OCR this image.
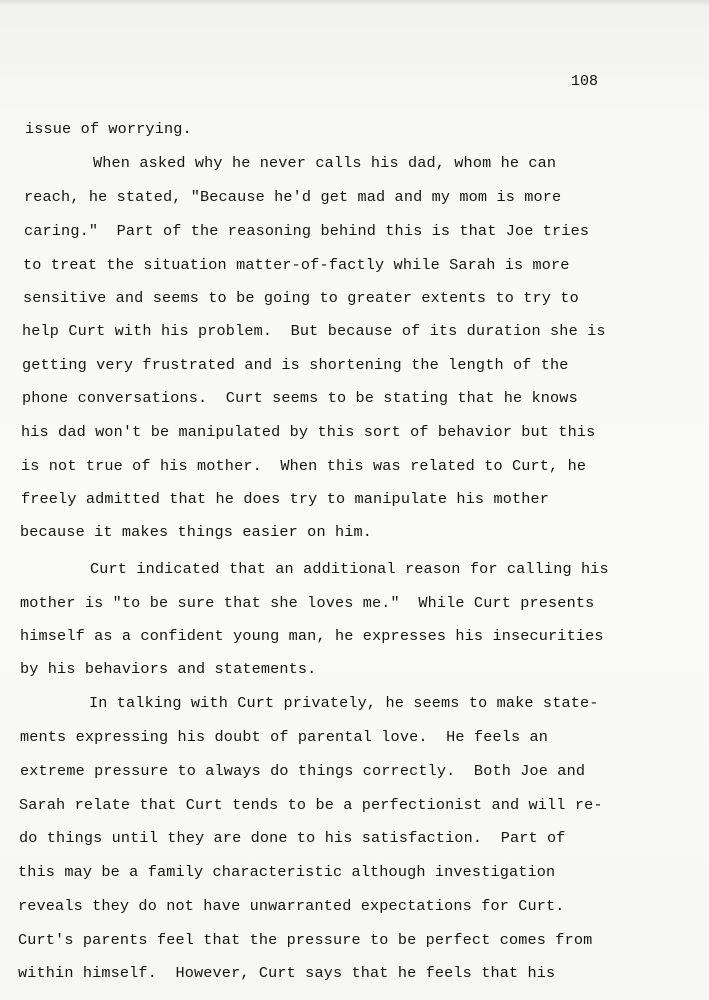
108
issue of worrying.
When asked why he never calls his dad, whom he can
reach, he stated, "Because he'd get mad and my mom is more
caring."  Part of the reasoning behind this is that Joe tries
to treat the situation matter-of-factly while Sarah is more
sensitive and seems to be going to greater extents to try to
help Curt with his problem.  But because of its duration she is
getting very frustrated and is shortening the length of the
phone conversations.  Curt seems to be stating that he knows
his dad won't be manipulated by this sort of behavior but this
is not true of his mother.  When this was related to Curt, he
freely admitted that he does try to manipulate his mother
because it makes things easier on him.
Curt indicated that an additional reason for calling his
mother is "to be sure that she loves me."  While Curt presents
himself as a confident young man, he expresses his insecurities
by his behaviors and statements.
In talking with Curt privately, he seems to make state-
ments expressing his doubt of parental love.  He feels an
extreme pressure to always do things correctly.  Both Joe and
Sarah relate that Curt tends to be a perfectionist and will re-
do things until they are done to his satisfaction.  Part of
this may be a family characteristic although investigation
reveals they do not have unwarranted expectations for Curt.
Curt's parents feel that the pressure to be perfect comes from
within himself.  However, Curt says that he feels that his
